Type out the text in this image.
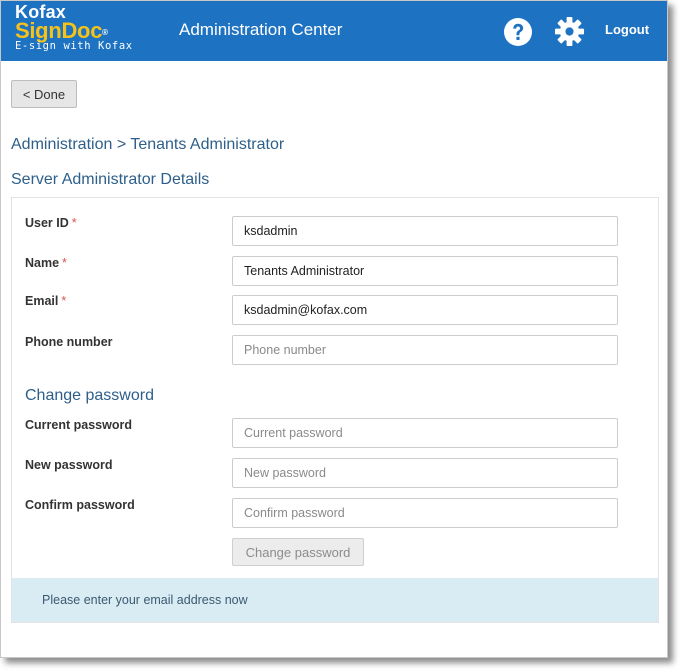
Kofax
SignDoc®
E-sign with Kofax
Administration Center	Logout
< Done
Administration > Tenants Administrator
Server Administrator Details
User ID *
ksdadmin
Name *
Tenants Administrator
Email *
ksdadmin@kofax.com
Phone number
Phone number
Change password
Current password
New password
Confirm password
Change password
Please enter your email address now
